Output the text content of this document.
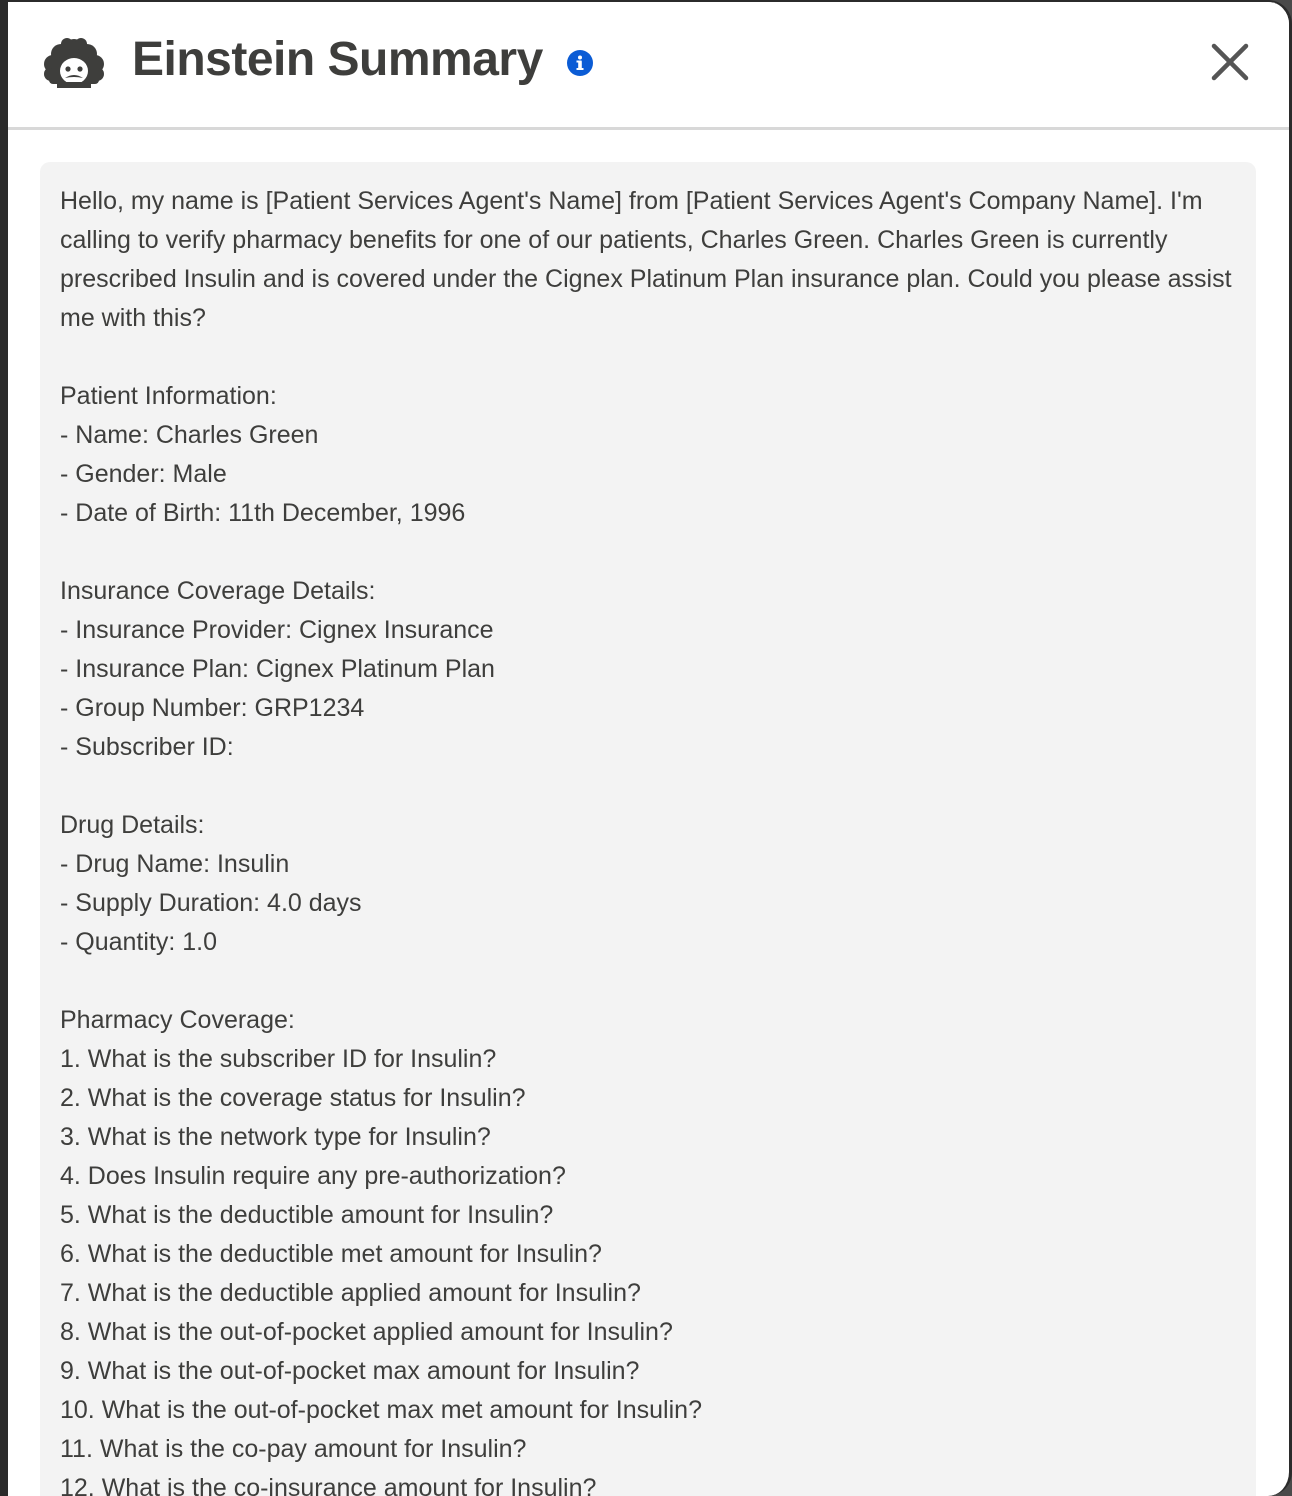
Einstein Summary

Hello, my name is [Patient Services Agent's Name] from [Patient Services Agent's Company Name]. I'm calling to verify pharmacy benefits for one of our patients, Charles Green. Charles Green is currently prescribed Insulin and is covered under the Cignex Platinum Plan insurance plan. Could you please assist me with this?

Patient Information:
- Name: Charles Green
- Gender: Male
- Date of Birth: 11th December, 1996
Insurance Coverage Details:
- Insurance Provider: Cignex Insurance
- Insurance Plan: Cignex Platinum Plan
- Group Number: GRP1234
- Subscriber ID:
Drug Details:
- Drug Name: Insulin
- Supply Duration: 4.0 days
- Quantity: 1.0
Pharmacy Coverage:
1. What is the subscriber ID for Insulin?
2. What is the coverage status for Insulin?
3. What is the network type for Insulin?
4. Does Insulin require any pre-authorization?
5. What is the deductible amount for Insulin?
6. What is the deductible met amount for Insulin?
7. What is the deductible applied amount for Insulin?
8. What is the out-of-pocket applied amount for Insulin?
9. What is the out-of-pocket max amount for Insulin?
10. What is the out-of-pocket max met amount for Insulin?
11. What is the co-pay amount for Insulin?
12. What is the co-insurance amount for Insulin?
